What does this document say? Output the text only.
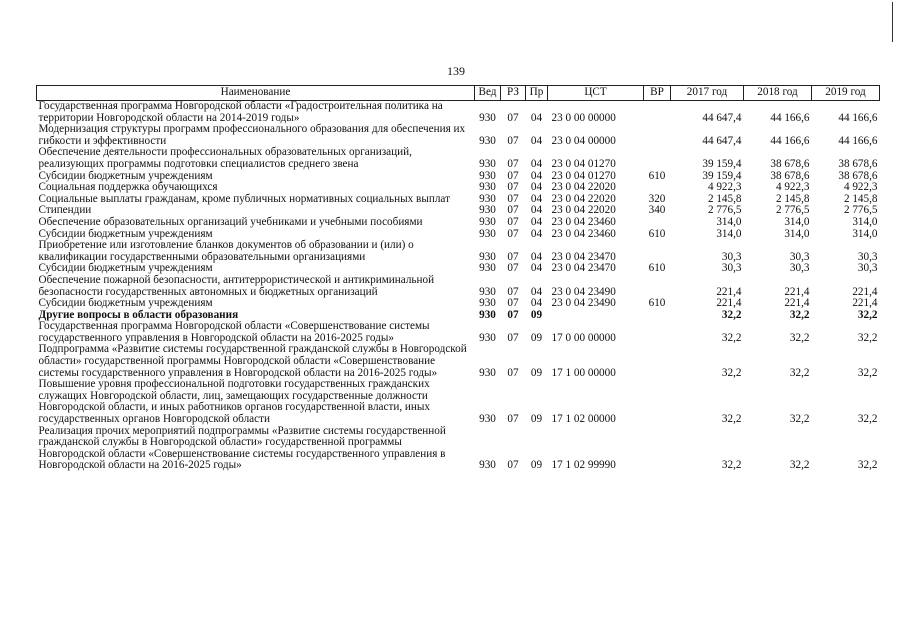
139
Наименование	Вед	РЗ	Пр	ЦСТ	ВР	2017 год	2018 год	2019 год
Государственная программа Новгородской области «Градостроительная политика на территории Новгородской области на 2014-2019 годы»	930	07	04	23 0 00 00000		44 647,4	44 166,6	44 166,6
Модернизация структуры программ профессионального образования для обеспечения их гибкости и эффективности	930	07	04	23 0 04 00000		44 647,4	44 166,6	44 166,6
Обеспечение деятельности профессиональных образовательных организаций, реализующих программы подготовки специалистов среднего звена	930	07	04	23 0 04 01270		39 159,4	38 678,6	38 678,6
Субсидии бюджетным учреждениям	930	07	04	23 0 04 01270	610	39 159,4	38 678,6	38 678,6
Социальная поддержка обучающихся	930	07	04	23 0 04 22020		4 922,3	4 922,3	4 922,3
Социальные выплаты гражданам, кроме публичных нормативных социальных выплат	930	07	04	23 0 04 22020	320	2 145,8	2 145,8	2 145,8
Стипендии	930	07	04	23 0 04 22020	340	2 776,5	2 776,5	2 776,5
Обеспечение образовательных организаций учебниками и учебными пособиями	930	07	04	23 0 04 23460		314,0	314,0	314,0
Субсидии бюджетным учреждениям	930	07	04	23 0 04 23460	610	314,0	314,0	314,0
Приобретение или изготовление бланков документов об образовании и (или) о квалификации государственными образовательными организациями	930	07	04	23 0 04 23470		30,3	30,3	30,3
Субсидии бюджетным учреждениям	930	07	04	23 0 04 23470	610	30,3	30,3	30,3
Обеспечение пожарной безопасности, антитеррористической и антикриминальной безопасности государственных автономных и бюджетных организаций	930	07	04	23 0 04 23490		221,4	221,4	221,4
Субсидии бюджетным учреждениям	930	07	04	23 0 04 23490	610	221,4	221,4	221,4
Другие вопросы в области образования	930	07	09			32,2	32,2	32,2
Государственная программа Новгородской области «Совершенствование системы государственного управления в Новгородской области на 2016-2025 годы»	930	07	09	17 0 00 00000		32,2	32,2	32,2
Подпрограмма «Развитие системы государственной гражданской службы в Новгородской области» государственной программы Новгородской области «Совершенствование системы государственного управления в Новгородской области на 2016-2025 годы»	930	07	09	17 1 00 00000		32,2	32,2	32,2
Повышение уровня профессиональной подготовки государственных гражданских служащих Новгородской области, лиц, замещающих государственные должности Новгородской области, и иных работников органов государственной власти, иных государственных органов Новгородской области	930	07	09	17 1 02 00000		32,2	32,2	32,2
Реализация прочих мероприятий подпрограммы «Развитие системы государственной гражданской службы в Новгородской области» государственной программы Новгородской области «Совершенствование системы государственного управления в Новгородской области на 2016-2025 годы»	930	07	09	17 1 02 99990		32,2	32,2	32,2
